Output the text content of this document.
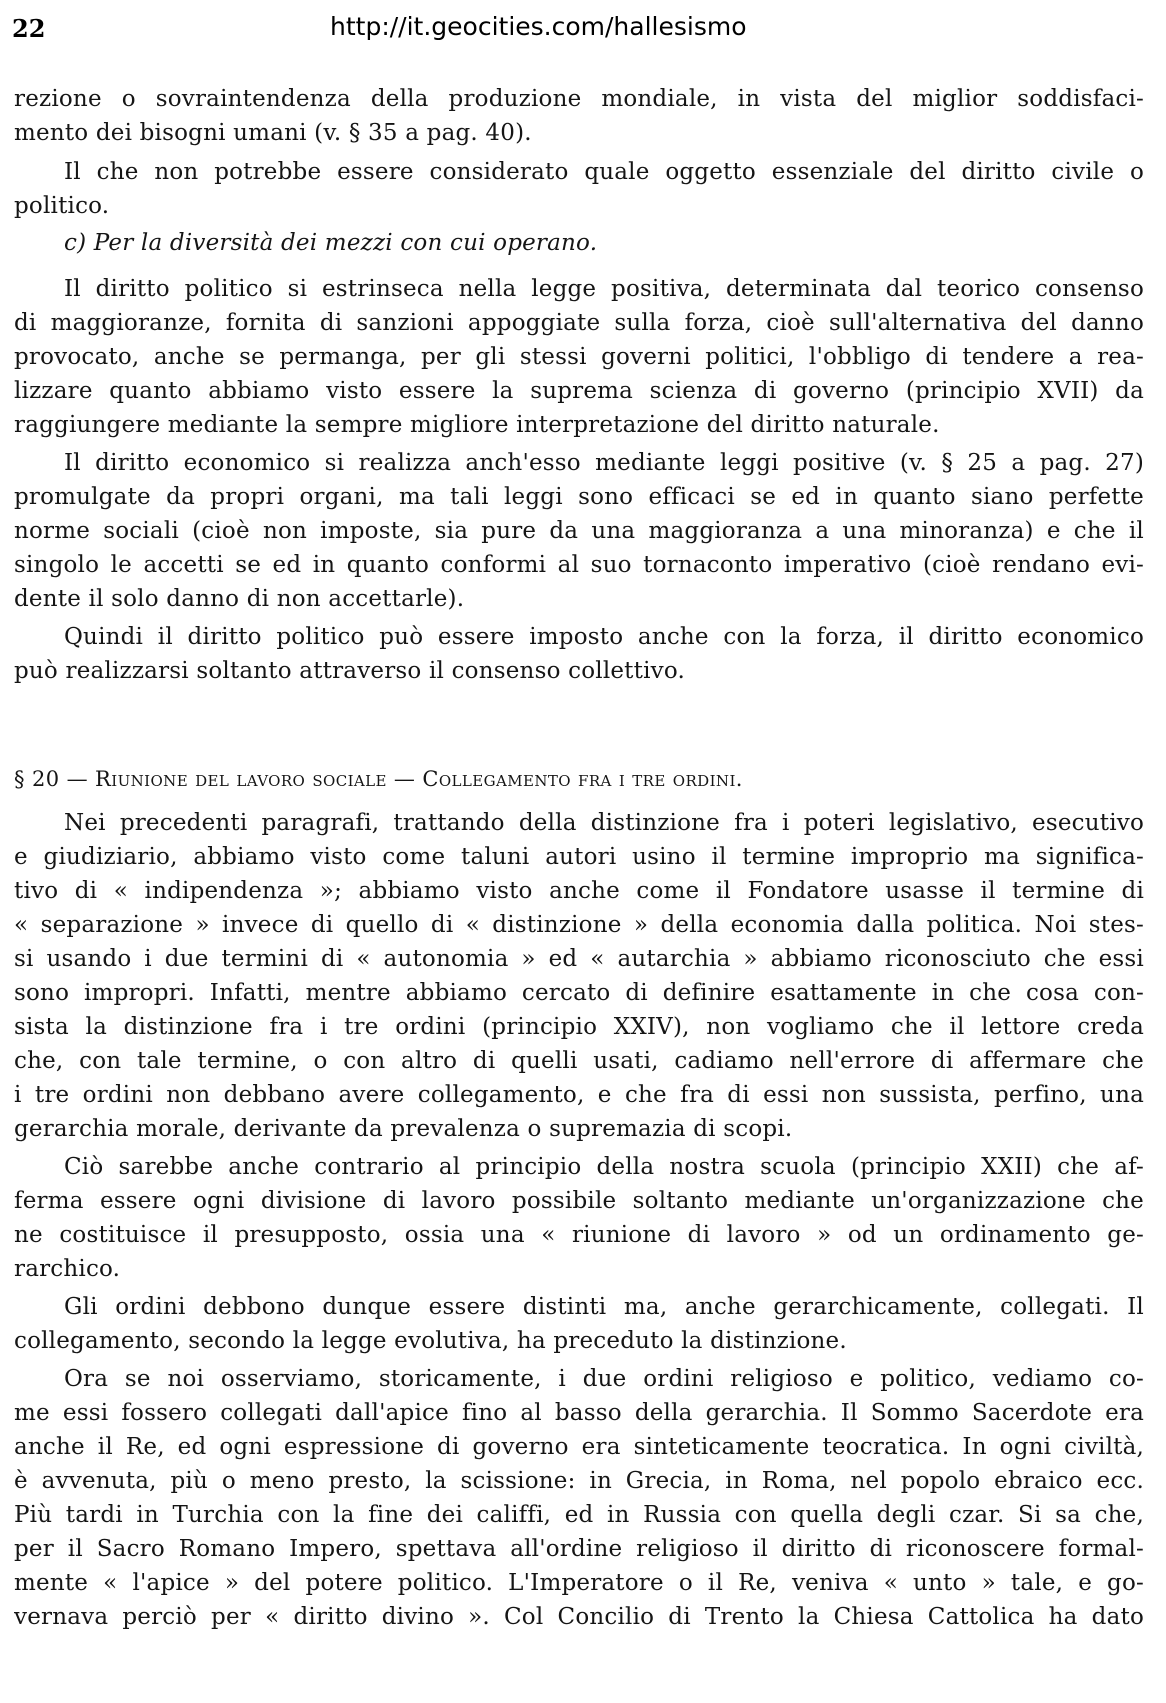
22	http://it.geocities.com/hallesismo
rezione o sovraintendenza della produzione mondiale, in vista del miglior soddisfaci-
mento dei bisogni umani (v. § 35 a pag. 40).
Il che non potrebbe essere considerato quale oggetto essenziale del diritto civile o
politico.
Il diritto politico si estrinseca nella legge positiva, determinata dal teorico consenso
di maggioranze, fornita di sanzioni appoggiate sulla forza, cioè sull'alternativa del danno
provocato, anche se permanga, per gli stessi governi politici, l'obbligo di tendere a rea-
lizzare quanto abbiamo visto essere la suprema scienza di governo (principio XVII) da
raggiungere mediante la sempre migliore interpretazione del diritto naturale.
Il diritto economico si realizza anch'esso mediante leggi positive (v. § 25 a pag. 27)
promulgate da propri organi, ma tali leggi sono efficaci se ed in quanto siano perfette
norme sociali (cioè non imposte, sia pure da una maggioranza a una minoranza) e che il
singolo le accetti se ed in quanto conformi al suo tornaconto imperativo (cioè rendano evi-
dente il solo danno di non accettarle).
Quindi il diritto politico può essere imposto anche con la forza, il diritto economico
può realizzarsi soltanto attraverso il consenso collettivo.
Nei precedenti paragrafi, trattando della distinzione fra i poteri legislativo, esecutivo
e giudiziario, abbiamo visto come taluni autori usino il termine improprio ma significa-
tivo di « indipendenza »; abbiamo visto anche come il Fondatore usasse il termine di
« separazione » invece di quello di « distinzione » della economia dalla politica. Noi stes-
si usando i due termini di « autonomia » ed « autarchia » abbiamo riconosciuto che essi
sono impropri. Infatti, mentre abbiamo cercato di definire esattamente in che cosa con-
sista la distinzione fra i tre ordini (principio XXIV), non vogliamo che il lettore creda
che, con tale termine, o con altro di quelli usati, cadiamo nell'errore di affermare che
i tre ordini non debbano avere collegamento, e che fra di essi non sussista, perfino, una
gerarchia morale, derivante da prevalenza o supremazia di scopi.
Ciò sarebbe anche contrario al principio della nostra scuola (principio XXII) che af-
ferma essere ogni divisione di lavoro possibile soltanto mediante un'organizzazione che
ne costituisce il presupposto, ossia una « riunione di lavoro » od un ordinamento ge-
rarchico.
Gli ordini debbono dunque essere distinti ma, anche gerarchicamente, collegati. Il
collegamento, secondo la legge evolutiva, ha preceduto la distinzione.
Ora se noi osserviamo, storicamente, i due ordini religioso e politico, vediamo co-
me essi fossero collegati dall'apice fino al basso della gerarchia. Il Sommo Sacerdote era
anche il Re, ed ogni espressione di governo era sinteticamente teocratica. In ogni civiltà,
è avvenuta, più o meno presto, la scissione: in Grecia, in Roma, nel popolo ebraico ecc.
Più tardi in Turchia con la fine dei califfi, ed in Russia con quella degli czar. Si sa che,
per il Sacro Romano Impero, spettava all'ordine religioso il diritto di riconoscere formal-
mente « l'apice » del potere politico. L'Imperatore o il Re, veniva « unto » tale, e go-
vernava perciò per « diritto divino ». Col Concilio di Trento la Chiesa Cattolica ha dato
c) Per la diversità dei mezzi con cui operano.
§ 20 — Riunione del lavoro sociale — Collegamento fra i tre ordini.
